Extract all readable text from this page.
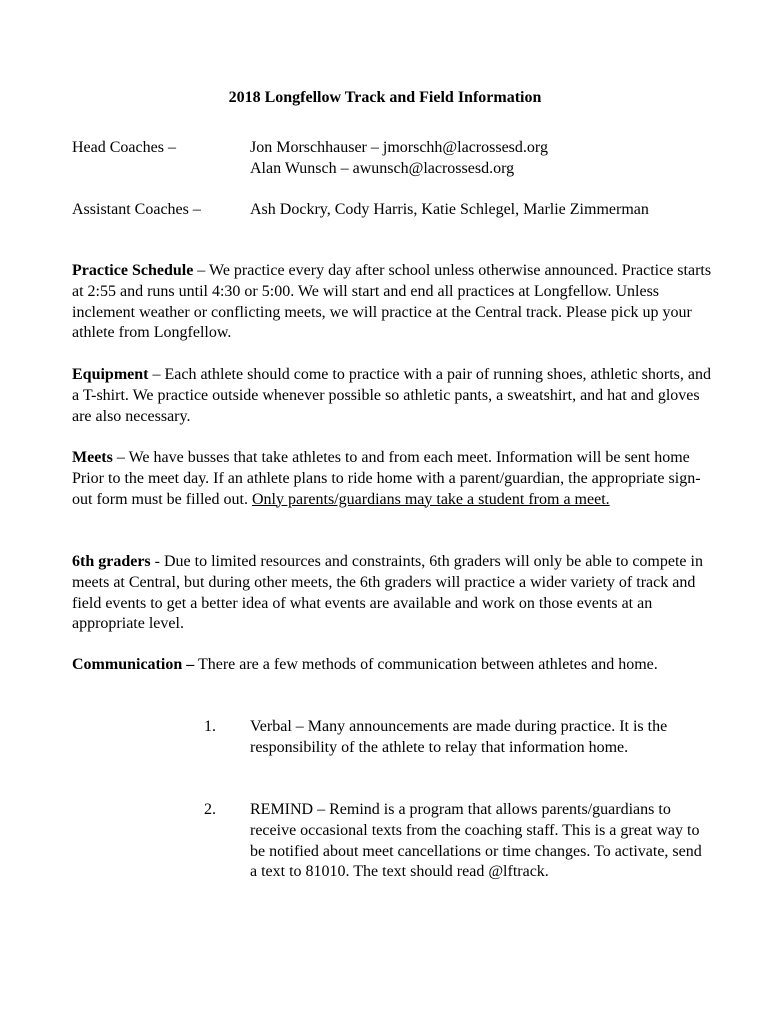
2018 Longfellow Track and Field Information
Head Coaches –	Jon Morschhauser – jmorschh@lacrossesd.org
Alan Wunsch – awunsch@lacrossesd.org
Assistant Coaches –	Ash Dockry, Cody Harris, Katie Schlegel, Marlie Zimmerman

Practice Schedule – We practice every day after school unless otherwise announced. Practice starts at 2:55 and runs until 4:30 or 5:00. We will start and end all practices at Longfellow. Unless inclement weather or conflicting meets, we will practice at the Central track. Please pick up your athlete from Longfellow.

Equipment – Each athlete should come to practice with a pair of running shoes, athletic shorts, and a T-shirt. We practice outside whenever possible so athletic pants, a sweatshirt, and hat and gloves are also necessary.

Meets – We have busses that take athletes to and from each meet. Information will be sent home Prior to the meet day. If an athlete plans to ride home with a parent/guardian, the appropriate sign-out form must be filled out. Only parents/guardians may take a student from a meet.

6th graders - Due to limited resources and constraints, 6th graders will only be able to compete in meets at Central, but during other meets, the 6th graders will practice a wider variety of track and field events to get a better idea of what events are available and work on those events at an appropriate level.

Communication – There are a few methods of communication between athletes and home.

1. Verbal – Many announcements are made during practice. It is the responsibility of the athlete to relay that information home.

2. REMIND – Remind is a program that allows parents/guardians to receive occasional texts from the coaching staff. This is a great way to be notified about meet cancellations or time changes. To activate, send a text to 81010. The text should read @lftrack.
